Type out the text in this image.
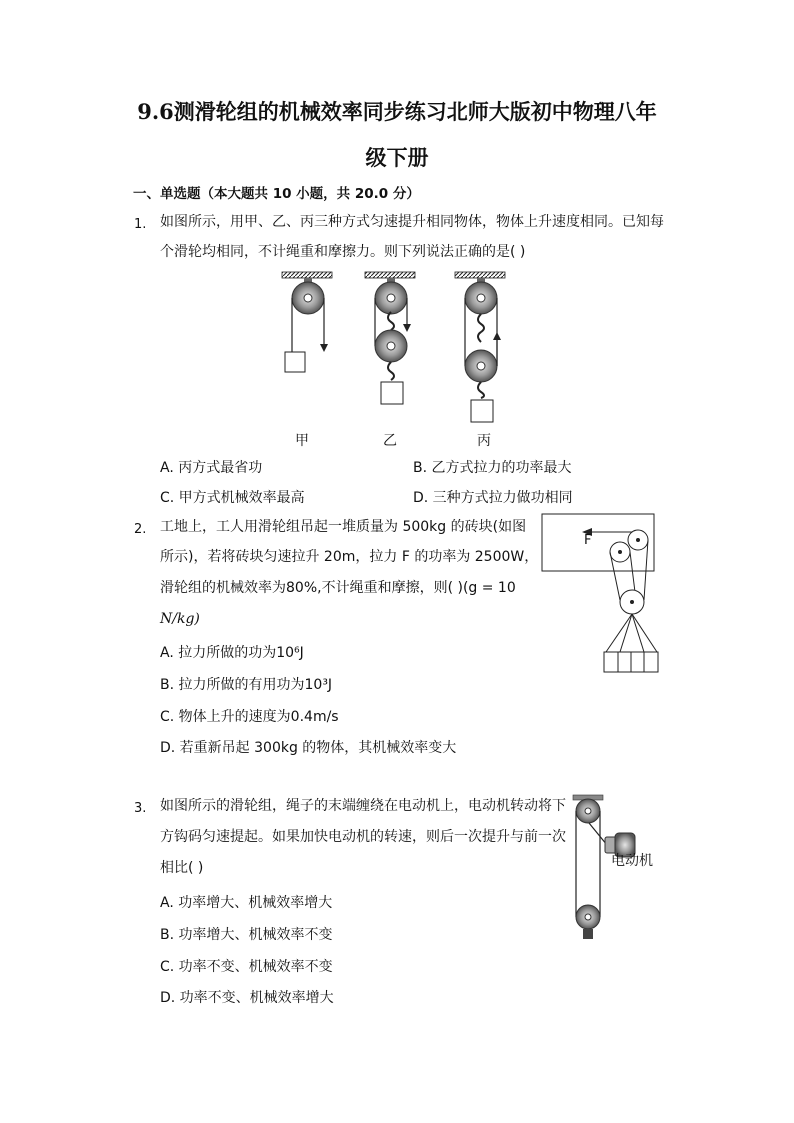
9.6测滑轮组的机械效率同步练习北师大版初中物理八年
级下册
一、单选题（本大题共 10 小题，共 20.0 分）
1. 如图所示，用甲、乙、丙三种方式匀速提升相同物体，物体上升速度相同。已知每
个滑轮均相同，不计绳重和摩擦力。则下列说法正确的是( )
甲	乙	丙
A. 丙方式最省功	B. 乙方式拉力的功率最大
C. 甲方式机械效率最高	D. 三种方式拉力做功相同
2. 工地上，工人用滑轮组吊起一堆质量为 500kg 的砖块(如图
所示)，若将砖块匀速拉升 20m，拉力 F 的功率为 2500W，
滑轮组的机械效率为80%,不计绳重和摩擦，则( )(g = 10
N/kg)
F
A. 拉力所做的功为10⁶J
B. 拉力所做的有用功为10³J
C. 物体上升的速度为0.4m/s
D. 若重新吊起 300kg 的物体，其机械效率变大
3. 如图所示的滑轮组，绳子的末端缠绕在电动机上，电动机转动将下
方钩码匀速提起。如果加快电动机的转速，则后一次提升与前一次
相比( )	电动机
A. 功率增大、机械效率增大
B. 功率增大、机械效率不变
C. 功率不变、机械效率不变
D. 功率不变、机械效率增大
